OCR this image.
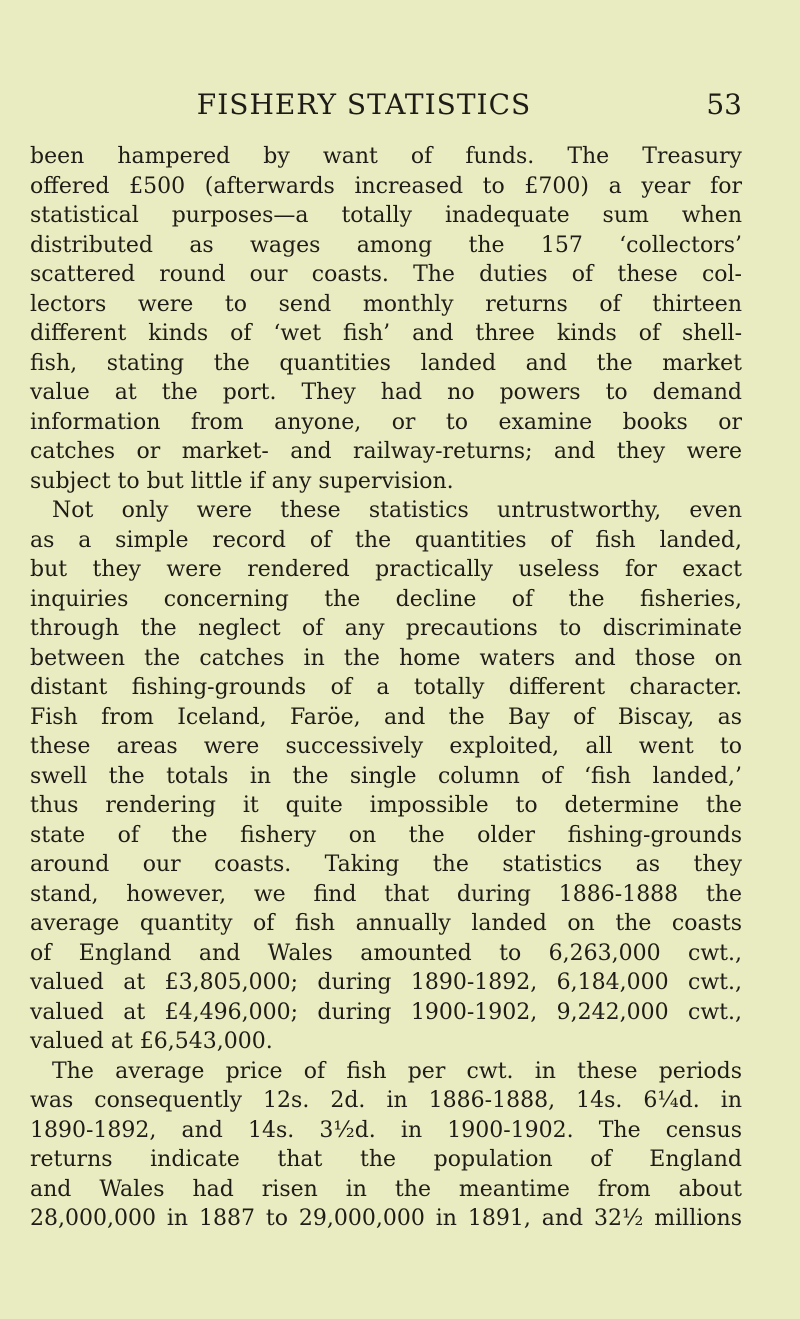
FISHERY STATISTICS	53
been hampered by want of funds. The Treasury
offered £500 (afterwards increased to £700) a year for
statistical purposes—a totally inadequate sum when
distributed as wages among the 157 ‘collectors’
scattered round our coasts. The duties of these col-
lectors were to send monthly returns of thirteen
different kinds of ‘wet fish’ and three kinds of shell-
fish, stating the quantities landed and the market
value at the port. They had no powers to demand
information from anyone, or to examine books or
catches or market- and railway-returns; and they were
subject to but little if any supervision.
Not only were these statistics untrustworthy, even
as a simple record of the quantities of fish landed,
but they were rendered practically useless for exact
inquiries concerning the decline of the fisheries,
through the neglect of any precautions to discriminate
between the catches in the home waters and those on
distant fishing-grounds of a totally different character.
Fish from Iceland, Faröe, and the Bay of Biscay, as
these areas were successively exploited, all went to
swell the totals in the single column of ‘fish landed,’
thus rendering it quite impossible to determine the
state of the fishery on the older fishing-grounds
around our coasts. Taking the statistics as they
stand, however, we find that during 1886-1888 the
average quantity of fish annually landed on the coasts
of England and Wales amounted to 6,263,000 cwt.,
valued at £3,805,000; during 1890-1892, 6,184,000 cwt.,
valued at £4,496,000; during 1900-1902, 9,242,000 cwt.,
valued at £6,543,000.
The average price of fish per cwt. in these periods
was consequently 12s. 2d. in 1886-1888, 14s. 6¼d. in
1890-1892, and 14s. 3½d. in 1900-1902. The census
returns indicate that the population of England
and Wales had risen in the meantime from about
28,000,000 in 1887 to 29,000,000 in 1891, and 32½ millions
